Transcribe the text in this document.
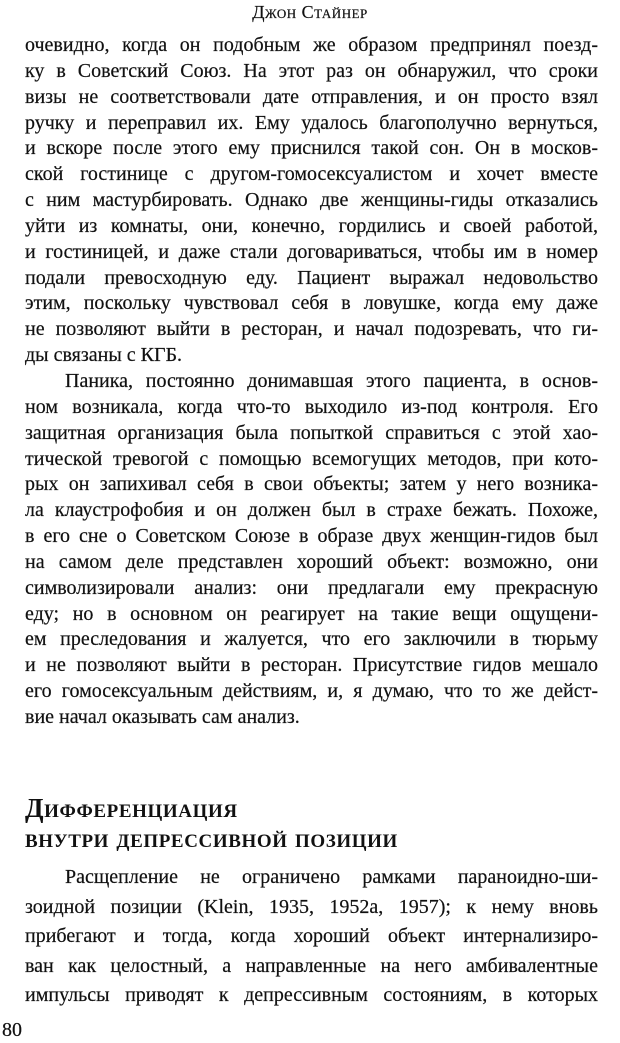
Джон Стайнер
очевидно, когда он подобным же образом предпринял поезд-
ку в Советский Союз. На этот раз он обнаружил, что сроки
визы не соответствовали дате отправления, и он просто взял
ручку и переправил их. Ему удалось благополучно вернуться,
и вскоре после этого ему приснился такой сон. Он в москов-
ской гостинице с другом-гомосексуалистом и хочет вместе
с ним мастурбировать. Однако две женщины-гиды отказались
уйти из комнаты, они, конечно, гордились и своей работой,
и гостиницей, и даже стали договариваться, чтобы им в номер
подали превосходную еду. Пациент выражал недовольство
этим, поскольку чувствовал себя в ловушке, когда ему даже
не позволяют выйти в ресторан, и начал подозревать, что ги-
ды связаны с КГБ.
Паника, постоянно донимавшая этого пациента, в основ-
ном возникала, когда что-то выходило из-под контроля. Его
защитная организация была попыткой справиться с этой хао-
тической тревогой с помощью всемогущих методов, при кото-
рых он запихивал себя в свои объекты; затем у него возника-
ла клаустрофобия и он должен был в страхе бежать. Похоже,
в его сне о Советском Союзе в образе двух женщин-гидов был
на самом деле представлен хороший объект: возможно, они
символизировали анализ: они предлагали ему прекрасную
еду; но в основном он реагирует на такие вещи ощущени-
ем преследования и жалуется, что его заключили в тюрьму
и не позволяют выйти в ресторан. Присутствие гидов мешало
его гомосексуальным действиям, и, я думаю, что то же дейст-
вие начал оказывать сам анализ.
Дифференциация
внутри депрессивной позиции
Расщепление не ограничено рамками параноидно-ши-
зоидной позиции (Klein, 1935, 1952a, 1957); к нему вновь
прибегают и тогда, когда хороший объект интернализиро-
ван как целостный, а направленные на него амбивалентные
импульсы приводят к депрессивным состояниям, в которых
80
